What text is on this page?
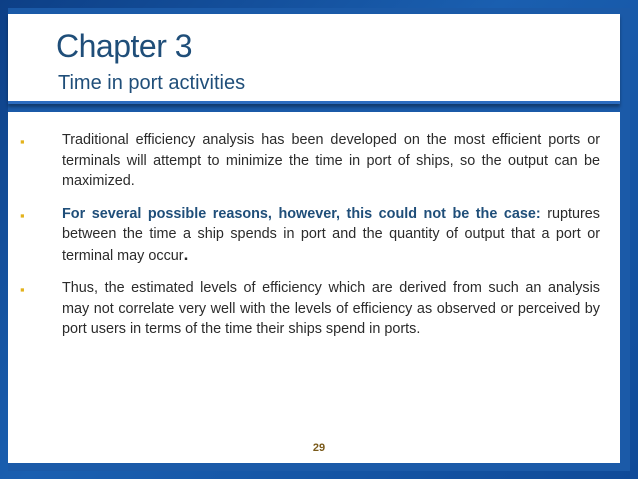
Chapter 3
Time in port activities
▪	Traditional efficiency analysis has been developed on the most efficient ports or terminals will attempt to minimize the time in port of ships, so the output can be maximized.
▪	For several possible reasons, however, this could not be the case: ruptures between the time a ship spends in port and the quantity of output that a port or terminal may occur.
▪	Thus, the estimated levels of efficiency which are derived from such an analysis may not correlate very well with the levels of efficiency as observed or perceived by port users in terms of the time their ships spend in ports.
29
